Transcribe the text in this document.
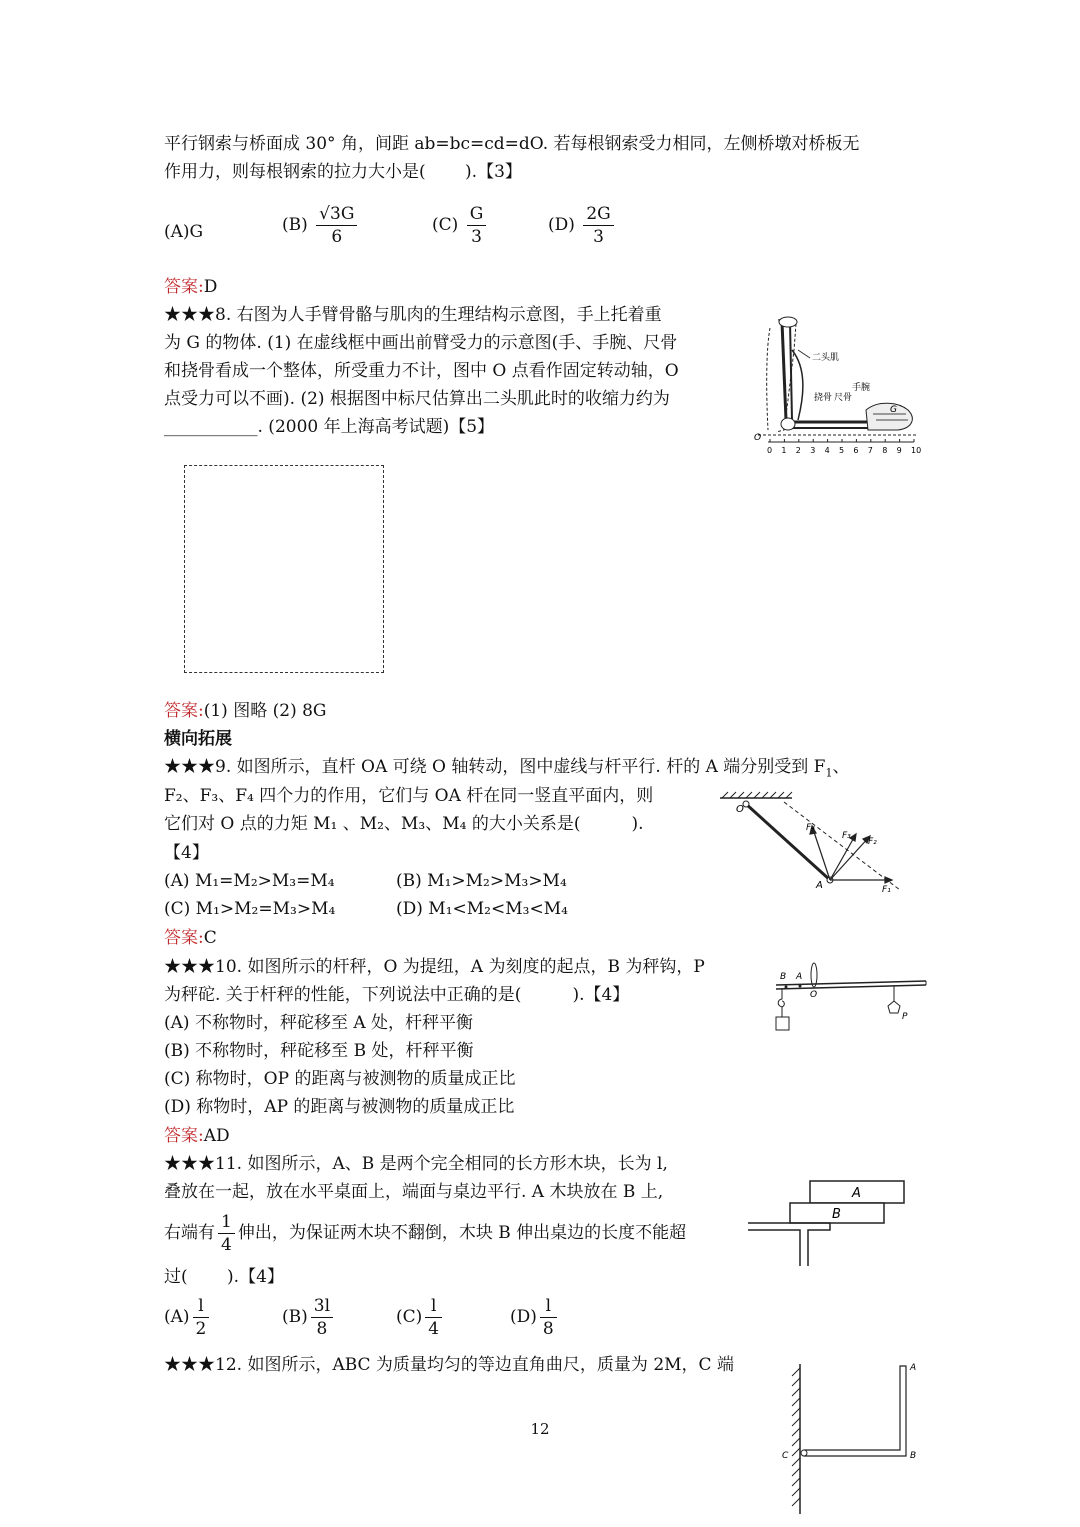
平行钢索与桥面成 30° 角，间距 ab=bc=cd=dO. 若每根钢索受力相同，左侧桥墩对桥板无
作用力，则每根钢索的拉力大小是(　　 ).【3】
(A)G	$(B) \frac{√3G}{6}$	$(C) \frac{G}{3}$	$(D) \frac{2G}{3}$
答案:D
★★★8. 右图为人手臂骨骼与肌肉的生理结构示意图，手上托着重
为 G 的物体. (1) 在虚线框中画出前臂受力的示意图(手、手腕、尺骨
和挠骨看成一个整体，所受重力不计，图中 O 点看作固定转动轴，O
点受力可以不画). (2) 根据图中标尺估算出二头肌此时的收缩力约为
___________. (2000 年上海高考试题)【5】
二头肌
手腕
挠骨 尺骨
G
O
0 1 2 3 4 5 6 7 8 9 10
答案:(1) 图略 (2) 8G
横向拓展
★★★9. 如图所示，直杆 OA 可绕 O 轴转动，图中虚线与杆平行. 杆的 A 端分别受到 $F_1$、
F₂、F₃、F₄ 四个力的作用，它们与 OA 杆在同一竖直平面内，则
它们对 O 点的力矩 M₁ 、M₂、M₃、M₄ 的大小关系是(　　　).
【4】
(A) M₁=M₂>M₃=M₄	(B) M₁>M₂>M₃>M₄
(C) M₁>M₂=M₃>M₄	(D) M₁<M₂<M₃<M₄
答案:C
O
A	F₁
F₂
F₃
F₄
★★★10. 如图所示的杆秤，O 为提纽，A 为刻度的起点，B 为秤钩，P
为秤砣. 关于杆秤的性能，下列说法中正确的是(　　　).【4】
(A) 不称物时，秤砣移至 A 处，杆秤平衡
(B) 不称物时，秤砣移至 B 处，杆秤平衡
(C) 称物时，OP 的距离与被测物的质量成正比
(D) 称物时，AP 的距离与被测物的质量成正比
答案:AD
B A
O
P
★★★11. 如图所示，A、B 是两个完全相同的长方形木块，长为 l,
叠放在一起，放在水平桌面上，端面与桌边平行. A 木块放在 B 上,
右端有 $\frac{1}{4}$ 伸出，为保证两木块不翻倒，木块 B 伸出桌边的长度不能超
过(　　 ).【4】
$(A) \frac{l}{2}$	$(B) \frac{3l}{8}$	$(C) \frac{l}{4}$	$(D) \frac{l}{8}$
A
B
★★★12. 如图所示，ABC 为质量均匀的等边直角曲尺，质量为 2M，C 端	A
B
C
12
